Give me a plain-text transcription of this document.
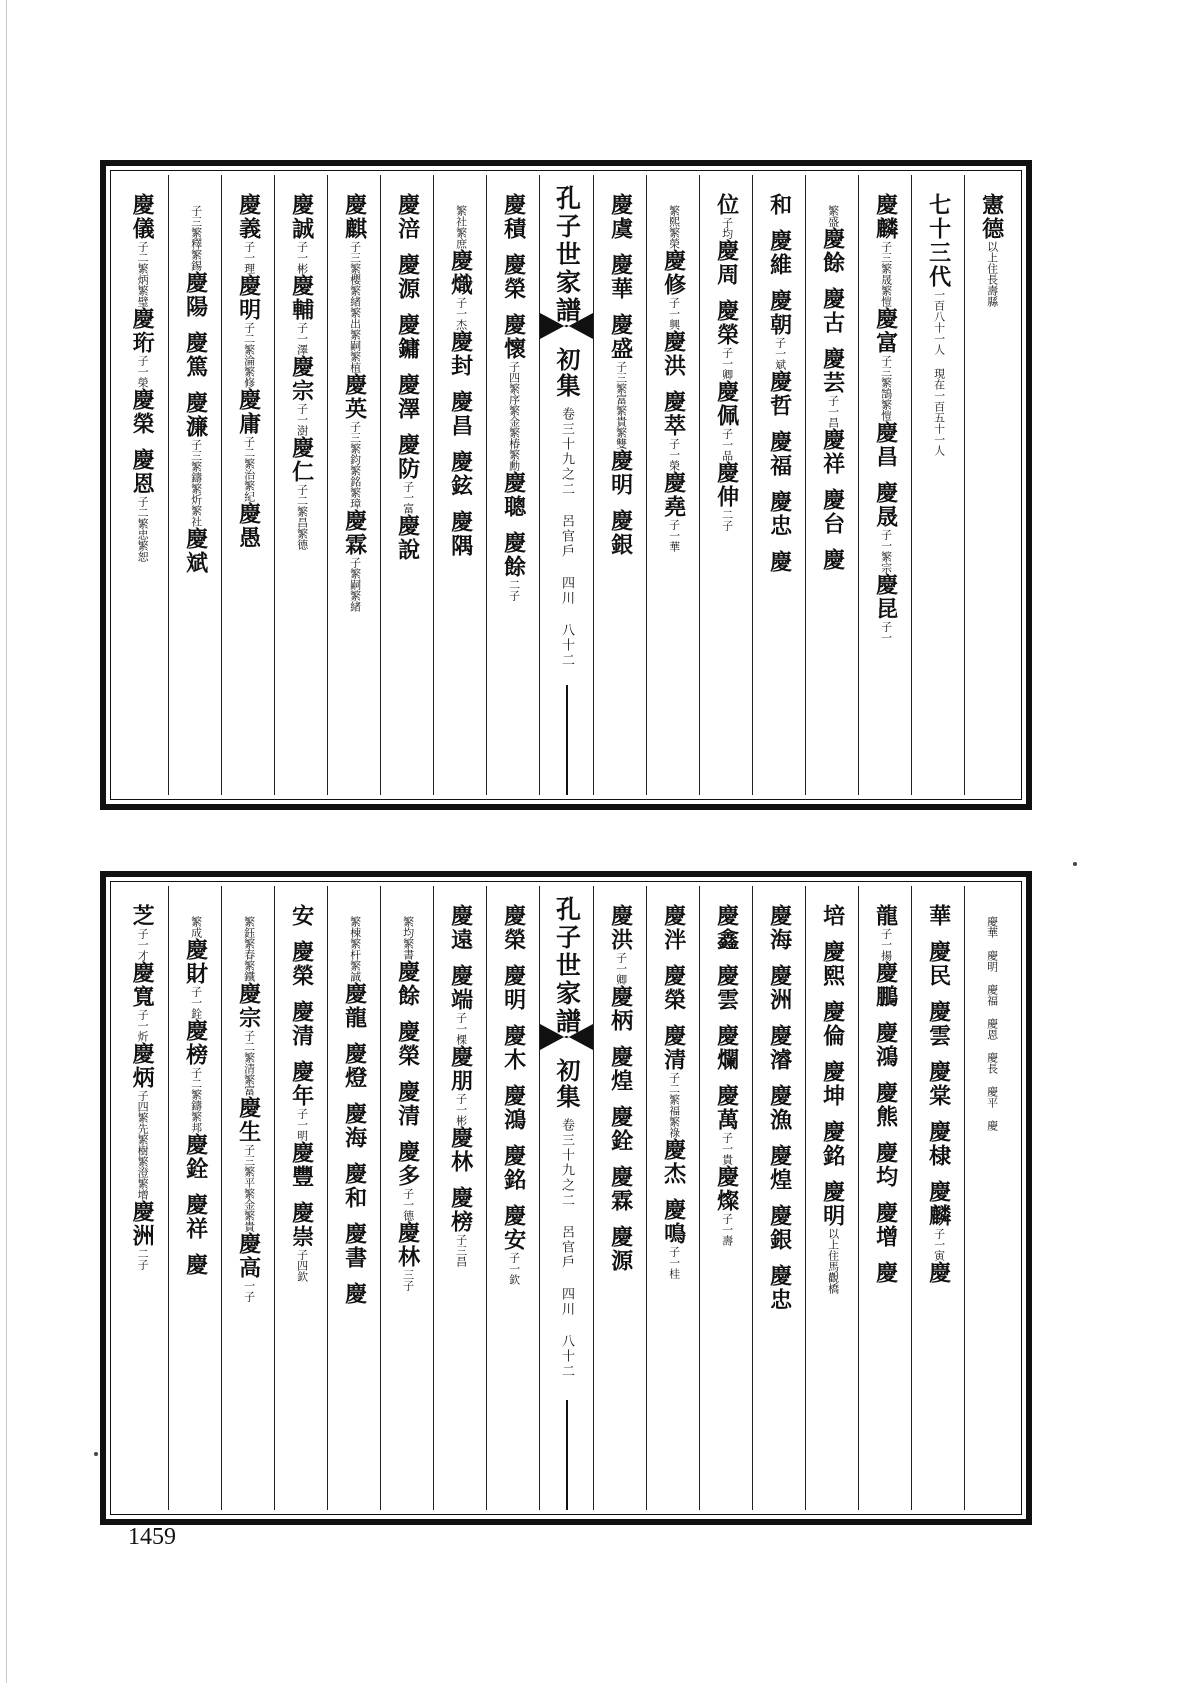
憲德以上住長壽縣
七十三代一百八十一人 現在一百五十一人
慶麟子三繁晟繁愷慶富子三繁鵠繁愷慶昌慶晟子一繁宗慶昆子一
繁盛慶餘慶古慶芸子一昌慶祥慶台慶
和慶維慶朝子一斌慶哲慶福慶忠慶
位子均慶周慶榮子一卿慶佩子一品慶伸二子
繁熙繁榮慶修子一興慶洪慶萃子一榮慶堯子一華
慶虞慶華慶盛子三繁富繁貴繁雙慶明慶銀
孔子世家譜
初集
卷三十九之二 呂官戶 四川 八十二
慶積慶榮慶懷子四繁序繁金繁椿繁勳慶聰慶餘二子
繁社繁庶慶熾子一杰慶封慶昌慶鉉慶隅
慶涪慶源慶鏞慶澤慶防子一富慶說
慶麒子三繁櫻繁緒繁出繁嗣繁植慶英子三繁鈞繁銘繁璋慶霖子繁嗣繁緒
慶誠子一彬慶輔子一澤慶宗子一澍慶仁子二繁昌繁德
慶義子一理慶明子二繁淪繁修慶庸子二繁治繁紀慶愚
子三繁釋繁錫慶陽慶篤慶濂子三繁鑄繁炘繁社慶斌
慶儀子二繁炳繁璧慶珩子一榮慶榮慶恩子二繁忠繁恕
慶華慶明慶福慶恩慶長慶平慶
華慶民慶雲慶棠慶棣慶麟子一寅慶
龍子一揚慶鵬慶鴻慶熊慶均慶增慶
培慶熙慶倫慶坤慶銘慶明以上住馬觀橋
慶海慶洲慶濬慶漁慶煌慶銀慶忠
慶鑫慶雲慶爛慶萬子一貴慶燦子一壽
慶泮慶榮慶清子二繁福繁祿慶杰慶鳴子一桂
慶洪子一卿慶柄慶煌慶銓慶霖慶源
孔子世家譜
初集
卷三十九之二 呂官戶 四川 八十二
慶榮慶明慶木慶鴻慶銘慶安子一欽
慶遠慶端子一棵慶朋子一彬慶林慶榜子三昌
繁均繁書慶餘慶榮慶清慶多子一德慶林三子
繁棟繁杆繁誠慶龍慶燈慶海慶和慶書慶
安慶榮慶清慶年子一明慶豐慶崇子四欽
繁鈺繁春繁鐵慶宗子二繁清繁富慶生子三繁平繁金繁貴慶高一子
繁成慶財子一銓慶榜子二繁鑄繁邦慶銓慶祥慶
芝子一才慶寬子一炘慶炳子四繁先繁樹繁澄繁增慶洲二子
1459
